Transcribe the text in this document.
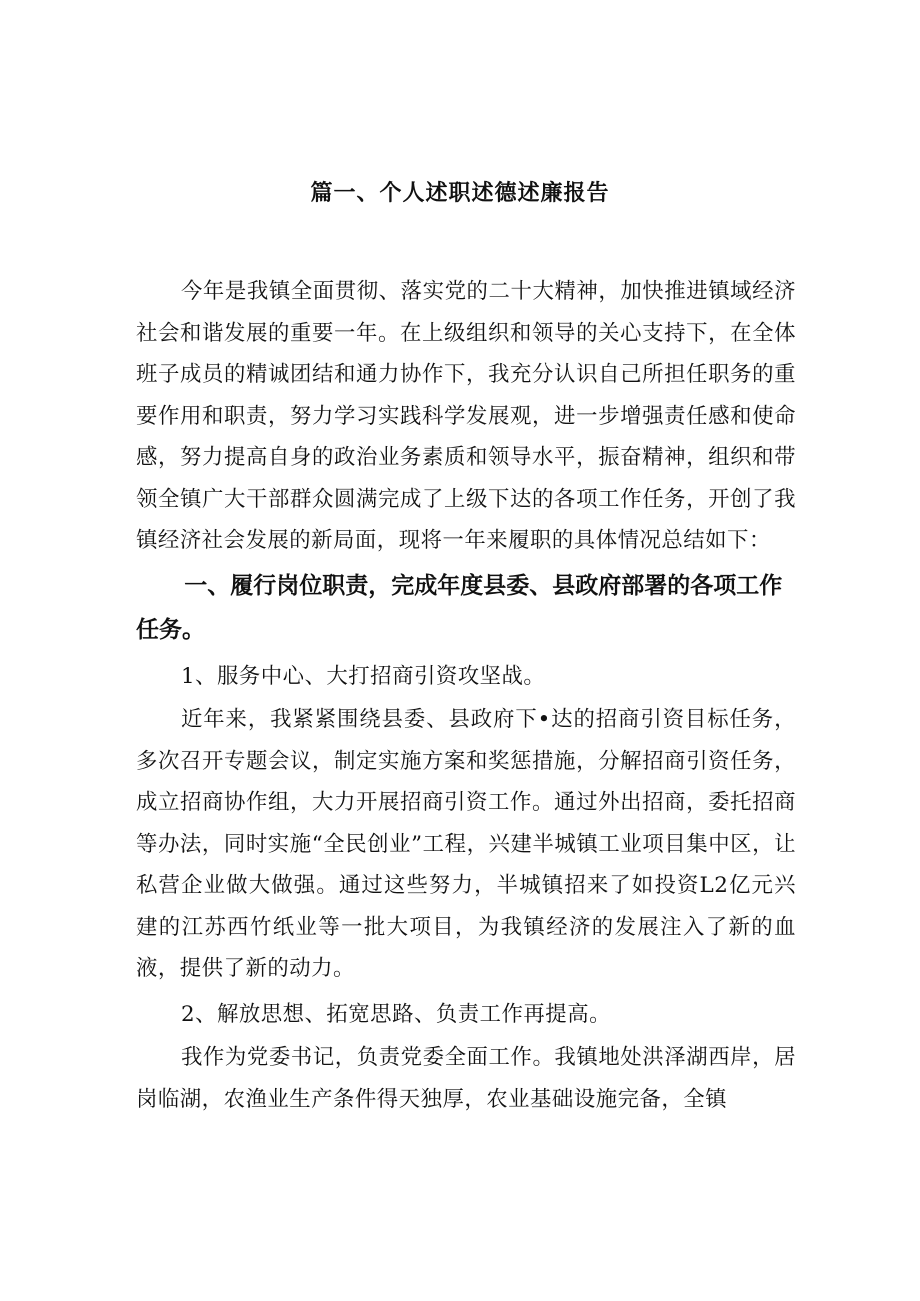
篇一、个人述职述德述廉报告

今年是我镇全面贯彻、落实党的二十大精神，加快推进镇域经济社会和谐发展的重要一年。在上级组织和领导的关心支持下，在全体班子成员的精诚团结和通力协作下，我充分认识自己所担任职务的重要作用和职责，努力学习实践科学发展观，进一步增强责任感和使命感，努力提高自身的政治业务素质和领导水平，振奋精神，组织和带领全镇广大干部群众圆满完成了上级下达的各项工作任务，开创了我镇经济社会发展的新局面，现将一年来履职的具体情况总结如下：

一、履行岗位职责，完成年度县委、县政府部署的各项工作任务。

1、服务中心、大打招商引资攻坚战。

近年来，我紧紧围绕县委、县政府下•达的招商引资目标任务，多次召开专题会议，制定实施方案和奖惩措施，分解招商引资任务，成立招商协作组，大力开展招商引资工作。通过外出招商，委托招商等办法，同时实施“全民创业”工程，兴建半城镇工业项目集中区，让私营企业做大做强。通过这些努力，半城镇招来了如投资L2亿元兴建的江苏西竹纸业等一批大项目，为我镇经济的发展注入了新的血液，提供了新的动力。

2、解放思想、拓宽思路、负责工作再提高。

我作为党委书记，负责党委全面工作。我镇地处洪泽湖西岸，居岗临湖，农渔业生产条件得天独厚，农业基础设施完备，全镇
